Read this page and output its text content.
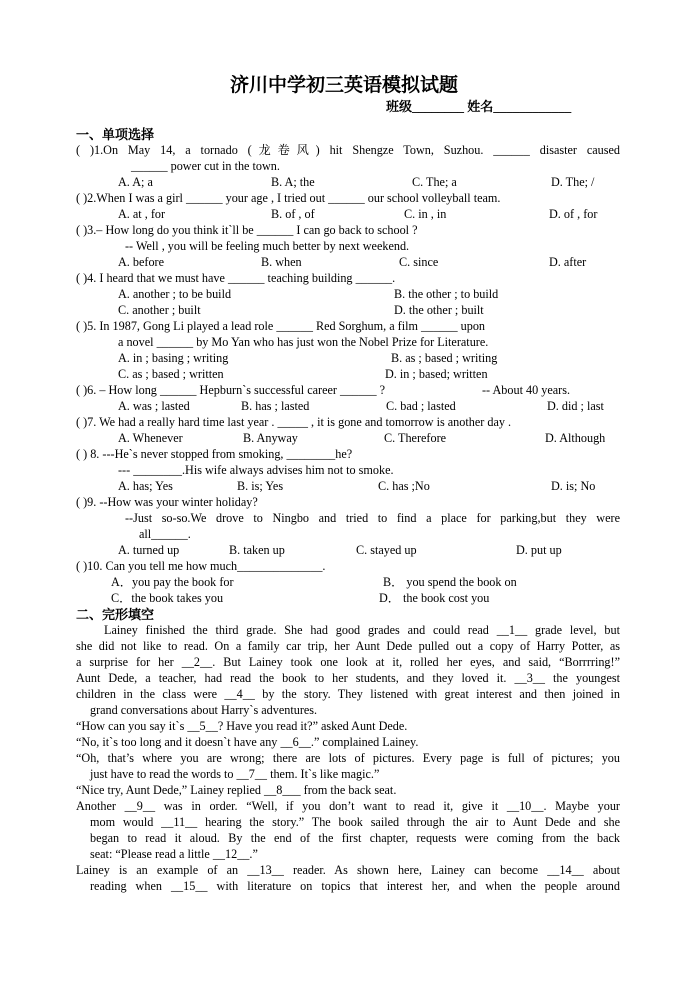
济川中学初三英语模拟试题
班级________ 姓名____________
一、单项选择
( )1.On May 14, a tornado (龙卷风) hit Shengze Town, Suzhou. ______ disaster caused
______ power cut in the town.
A. A; a	B. A; the	C. The; a	D. The; /
( )2.When I was a girl ______ your age , I tried out ______ our school volleyball team.
A. at , for	B. of , of	C. in , in	D. of , for
( )3.– How long do you think it`ll be ______ I can go back to school ?
-- Well , you will be feeling much better by next weekend.
A. before	B. when	C. since	D. after
( )4. I heard that we must have ______ teaching building ______.
A. another ; to be build	B. the other ; to build
C. another ; built	D. the other ; built
( )5. In 1987, Gong Li played a lead role ______ Red Sorghum, a film ______ upon
a novel ______ by Mo Yan who has just won the Nobel Prize for Literature.
A. in ; basing ; writing	B. as ; based ; writing
C. as ; based ; written	D. in ; based; written
( )6. – How long ______ Hepburn`s successful career ______ ?	-- About 40 years.
A. was ; lasted	B. has ; lasted	C. bad ; lasted	D. did ; last
( )7. We had a really hard time last year . _____ , it is gone and tomorrow is another day .
A. Whenever	B. Anyway	C. Therefore	D. Although
( ) 8. ---He`s never stopped from smoking, ________he?
--- ________.His wife always advises him not to smoke.
A. has; Yes	B. is; Yes	C. has ;No	D. is; No
( )9. --How was your winter holiday?
--Just so-so.We drove to Ningbo and tried to find a place for parking,but they were
all______.
A. turned up	B. taken up	C. stayed up	D. put up
( )10. Can you tell me how much______________.
A．you pay the book for	B． you spend the book on
C．the book takes you	D． the book cost you
二、完形填空
Lainey finished the third grade. She had good grades and could read __1__ grade level, but
she did not like to read. On a family car trip, her Aunt Dede pulled out a copy of Harry Potter, as
a surprise for her __2__. But Lainey took one look at it, rolled her eyes, and said, “Borrrring!”
Aunt Dede, a teacher, had read the book to her students, and they loved it. __3__ the youngest
children in the class were __4__ by the story. They listened with great interest and then joined in
grand conversations about Harry`s adventures.
“How can you say it`s __5__? Have you read it?” asked Aunt Dede.
“No, it`s too long and it doesn`t have any __6__.” complained Lainey.
“Oh, that’s where you are wrong; there are lots of pictures. Every page is full of pictures; you
just have to read the words to __7__ them. It`s like magic.”
“Nice try, Aunt Dede,” Lainey replied __8___ from the back seat.
Another __9__ was in order. “Well, if you don’t want to read it, give it __10__. Maybe your
mom would __11__ hearing the story.” The book sailed through the air to Aunt Dede and she
began to read it aloud. By the end of the first chapter, requests were coming from the back
seat: “Please read a little __12__.”
Lainey is an example of an __13__ reader. As shown here, Lainey can become __14__ about
reading when __15__ with literature on topics that interest her, and when the people around
